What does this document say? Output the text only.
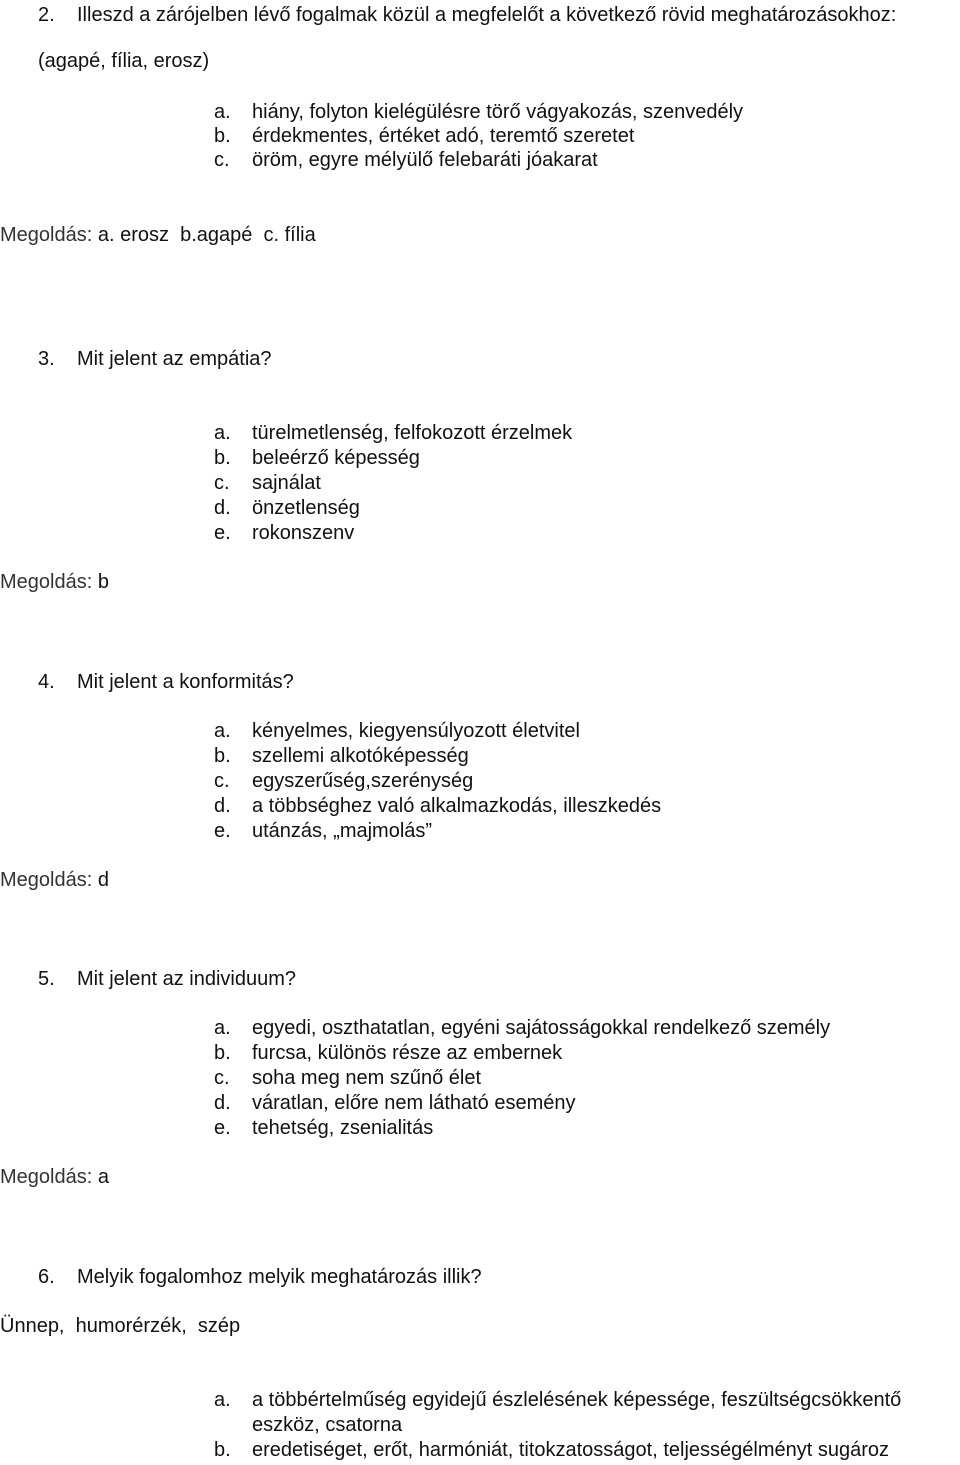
2. Illeszd a zárójelben lévő fogalmak közül a megfelelőt a következő rövid meghatározásokhoz:
(agapé, fília, erosz)
a. hiány, folyton kielégülésre törő vágyakozás, szenvedély
b. érdekmentes, értéket adó, teremtő szeretet
c. öröm, egyre mélyülő felebaráti jóakarat
Megoldás: a. erosz  b.agapé  c. fília
3. Mit jelent az empátia?
a. türelmetlenség, felfokozott érzelmek
b. beleérző képesség
c. sajnálat
d. önzetlenség
e. rokonszenv
Megoldás: b
4. Mit jelent a konformitás?
a. kényelmes, kiegyensúlyozott életvitel
b. szellemi alkotóképesség
c. egyszerűség,szerénység
d. a többséghez való alkalmazkodás, illeszkedés
e. utánzás, „majmolás”
Megoldás: d
5. Mit jelent az individuum?
a. egyedi, oszthatatlan, egyéni sajátosságokkal rendelkező személy
b. furcsa, különös része az embernek
c. soha meg nem szűnő élet
d. váratlan, előre nem látható esemény
e. tehetség, zsenialitás
Megoldás: a
6. Melyik fogalomhoz melyik meghatározás illik?
Ünnep,  humorérzék,  szép
a. a többértelműség egyidejű észlelésének képessége, feszültségcsökkentő
eszköz, csatorna
b. eredetiséget, erőt, harmóniát, titokzatosságot, teljességélményt sugároz
